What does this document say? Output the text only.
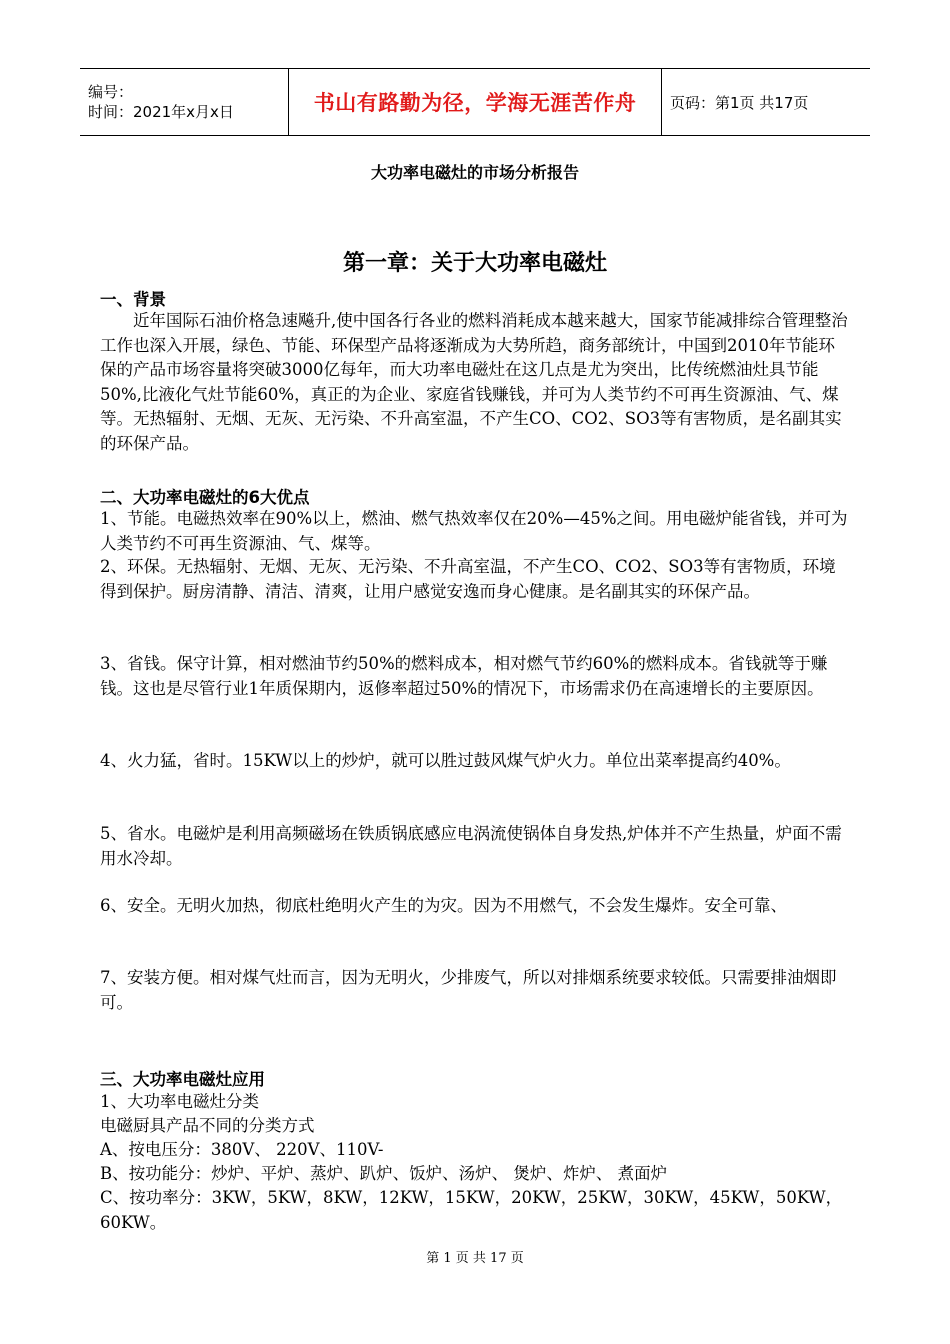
编号：
时间：2021年x月x日	书山有路勤为径，学海无涯苦作舟	页码：第1页 共17页
大功率电磁灶的市场分析报告
第一章：关于大功率电磁灶
一、背景

近年国际石油价格急速飚升,使中国各行各业的燃料消耗成本越来越大，国家节能减排综合管理整治工作也深入开展，绿色、节能、环保型产品将逐渐成为大势所趋，商务部统计，中国到2010年节能环保的产品市场容量将突破3000亿每年，而大功率电磁灶在这几点是尤为突出，比传统燃油灶具节能50%,比液化气灶节能60%，真正的为企业、家庭省钱赚钱，并可为人类节约不可再生资源油、气、煤等。无热辐射、无烟、无灰、无污染、不升高室温，不产生CO、CO2、SO3等有害物质，是名副其实的环保产品。

二、大功率电磁灶的6大优点

1、节能。电磁热效率在90%以上，燃油、燃气热效率仅在20%—45%之间。用电磁炉能省钱，并可为人类节约不可再生资源油、气、煤等。

2、环保。无热辐射、无烟、无灰、无污染、不升高室温，不产生CO、CO2、SO3等有害物质，环境得到保护。厨房清静、清洁、清爽，让用户感觉安逸而身心健康。是名副其实的环保产品。

3、省钱。保守计算，相对燃油节约50%的燃料成本，相对燃气节约60%的燃料成本。省钱就等于赚钱。这也是尽管行业1年质保期内，返修率超过50%的情况下，市场需求仍在高速增长的主要原因。

4、火力猛，省时。15KW以上的炒炉，就可以胜过鼓风煤气炉火力。单位出菜率提高约40%。

5、省水。电磁炉是利用高频磁场在铁质锅底感应电涡流使锅体自身发热,炉体并不产生热量，炉面不需用水冷却。

6、安全。无明火加热，彻底杜绝明火产生的为灾。因为不用燃气，不会发生爆炸。安全可靠、

7、安装方便。相对煤气灶而言，因为无明火，少排废气，所以对排烟系统要求较低。只需要排油烟即可。

三、大功率电磁灶应用

1、大功率电磁灶分类

电磁厨具产品不同的分类方式

A、按电压分：380V、 220V、110V-

B、按功能分：炒炉、平炉、蒸炉、趴炉、饭炉、汤炉、 煲炉、炸炉、 煮面炉

C、按功率分：3KW，5KW，8KW，12KW，15KW，20KW，25KW，30KW，45KW，50KW，60KW。

第 1 页 共 17 页
